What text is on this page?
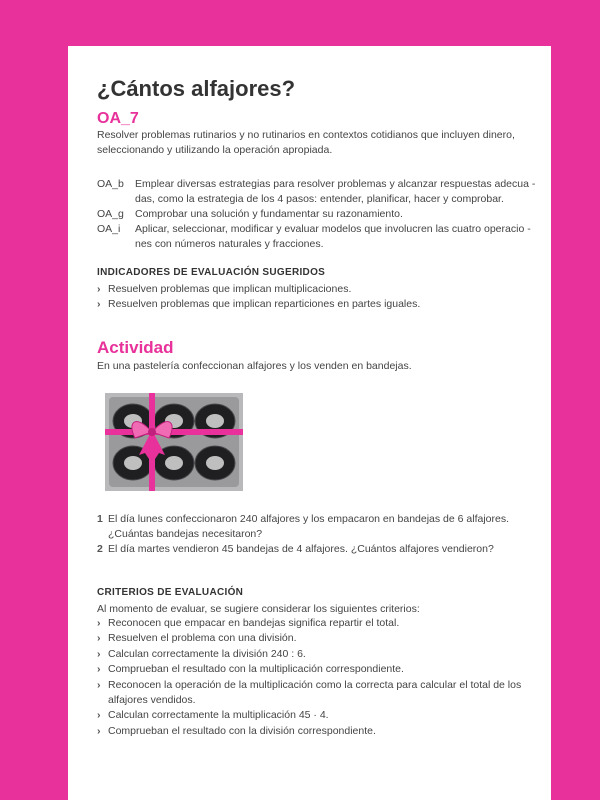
¿Cántos alfajores?
OA_7
Resolver problemas rutinarios y no rutinarios en contextos cotidianos que incluyen dinero, seleccionando y utilizando la operación apropiada.
OA_b	Emplear diversas estrategias para resolver problemas y alcanzar respuestas adecua - das, como la estrategia de los 4 pasos: entender, planificar, hacer y comprobar.
OA_g	Comprobar una solución y fundamentar su razonamiento.
OA_i	Aplicar, seleccionar, modificar y evaluar modelos que involucren las cuatro operacio - nes con números naturales y fracciones.
INDICADORES DE EVALUACIÓN SUGERIDOS
› Resuelven problemas que implican multiplicaciones.
› Resuelven problemas que implican reparticiones en partes iguales.
Actividad
En una pastelería confeccionan alfajores y los venden en bandejas.
1 El día lunes confeccionaron 240 alfajores y los empacaron en bandejas de 6 alfajores. ¿Cuántas bandejas necesitaron?
2 El día martes vendieron 45 bandejas de 4 alfajores. ¿Cuántos alfajores vendieron?
CRITERIOS DE EVALUACIÓN
Al momento de evaluar, se sugiere considerar los siguientes criterios:
› Reconocen que empacar en bandejas significa repartir el total.
› Resuelven el problema con una división.
› Calculan correctamente la división 240 : 6.
› Comprueban el resultado con la multiplicación correspondiente.
› Reconocen la operación de la multiplicación como la correcta para calcular el total de los alfajores vendidos.
› Calculan correctamente la multiplicación 45 · 4.
› Comprueban el resultado con la división correspondiente.
